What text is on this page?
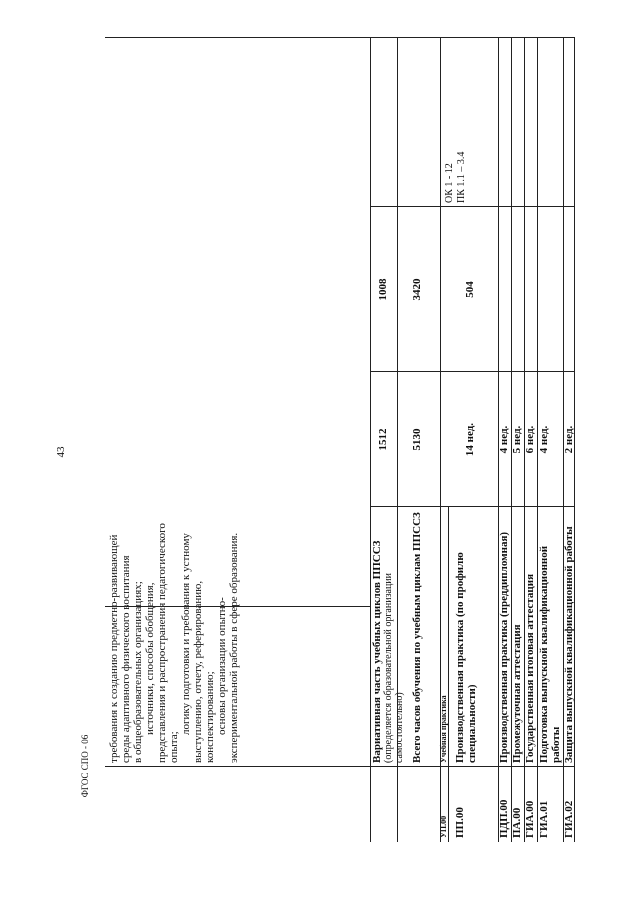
43
ФГОС СПО - 06
требования к созданию предметно-развивающей среды адаптивного физического воспитания в общеобразовательных организациях; источники, способы обобщения, представления и распространения педагогического опыта;
логику подготовки и требования к устному выступлению, отчету, реферированию, конспектированию; основы организации опытно- экспериментальной работы в сфере образования.	Вариативная часть учебных циклов ППССЗ (определяется образовательной организации самостоятельно)
1512
1008
Всего часов обучения по учебным циклам ППССЗ
5130
3420
УП.00
Учебная практика
ПП.00
Производственная практика (по профилю специальности)
14 нед.
504
ОК 1 - 12 ПК 1.1 – 3.4
ПДП.00
Производственная практика (преддипломная)
4 нед.
ПА.00
Промежуточная аттестация
5 нед.
ГИА.00
Государственная итоговая аттестация
6 нед.
ГИА.01
Подготовка выпускной квалификационной работы
4 нед.
ГИА.02
Защита выпускной квалификационной работы
2 нед.
